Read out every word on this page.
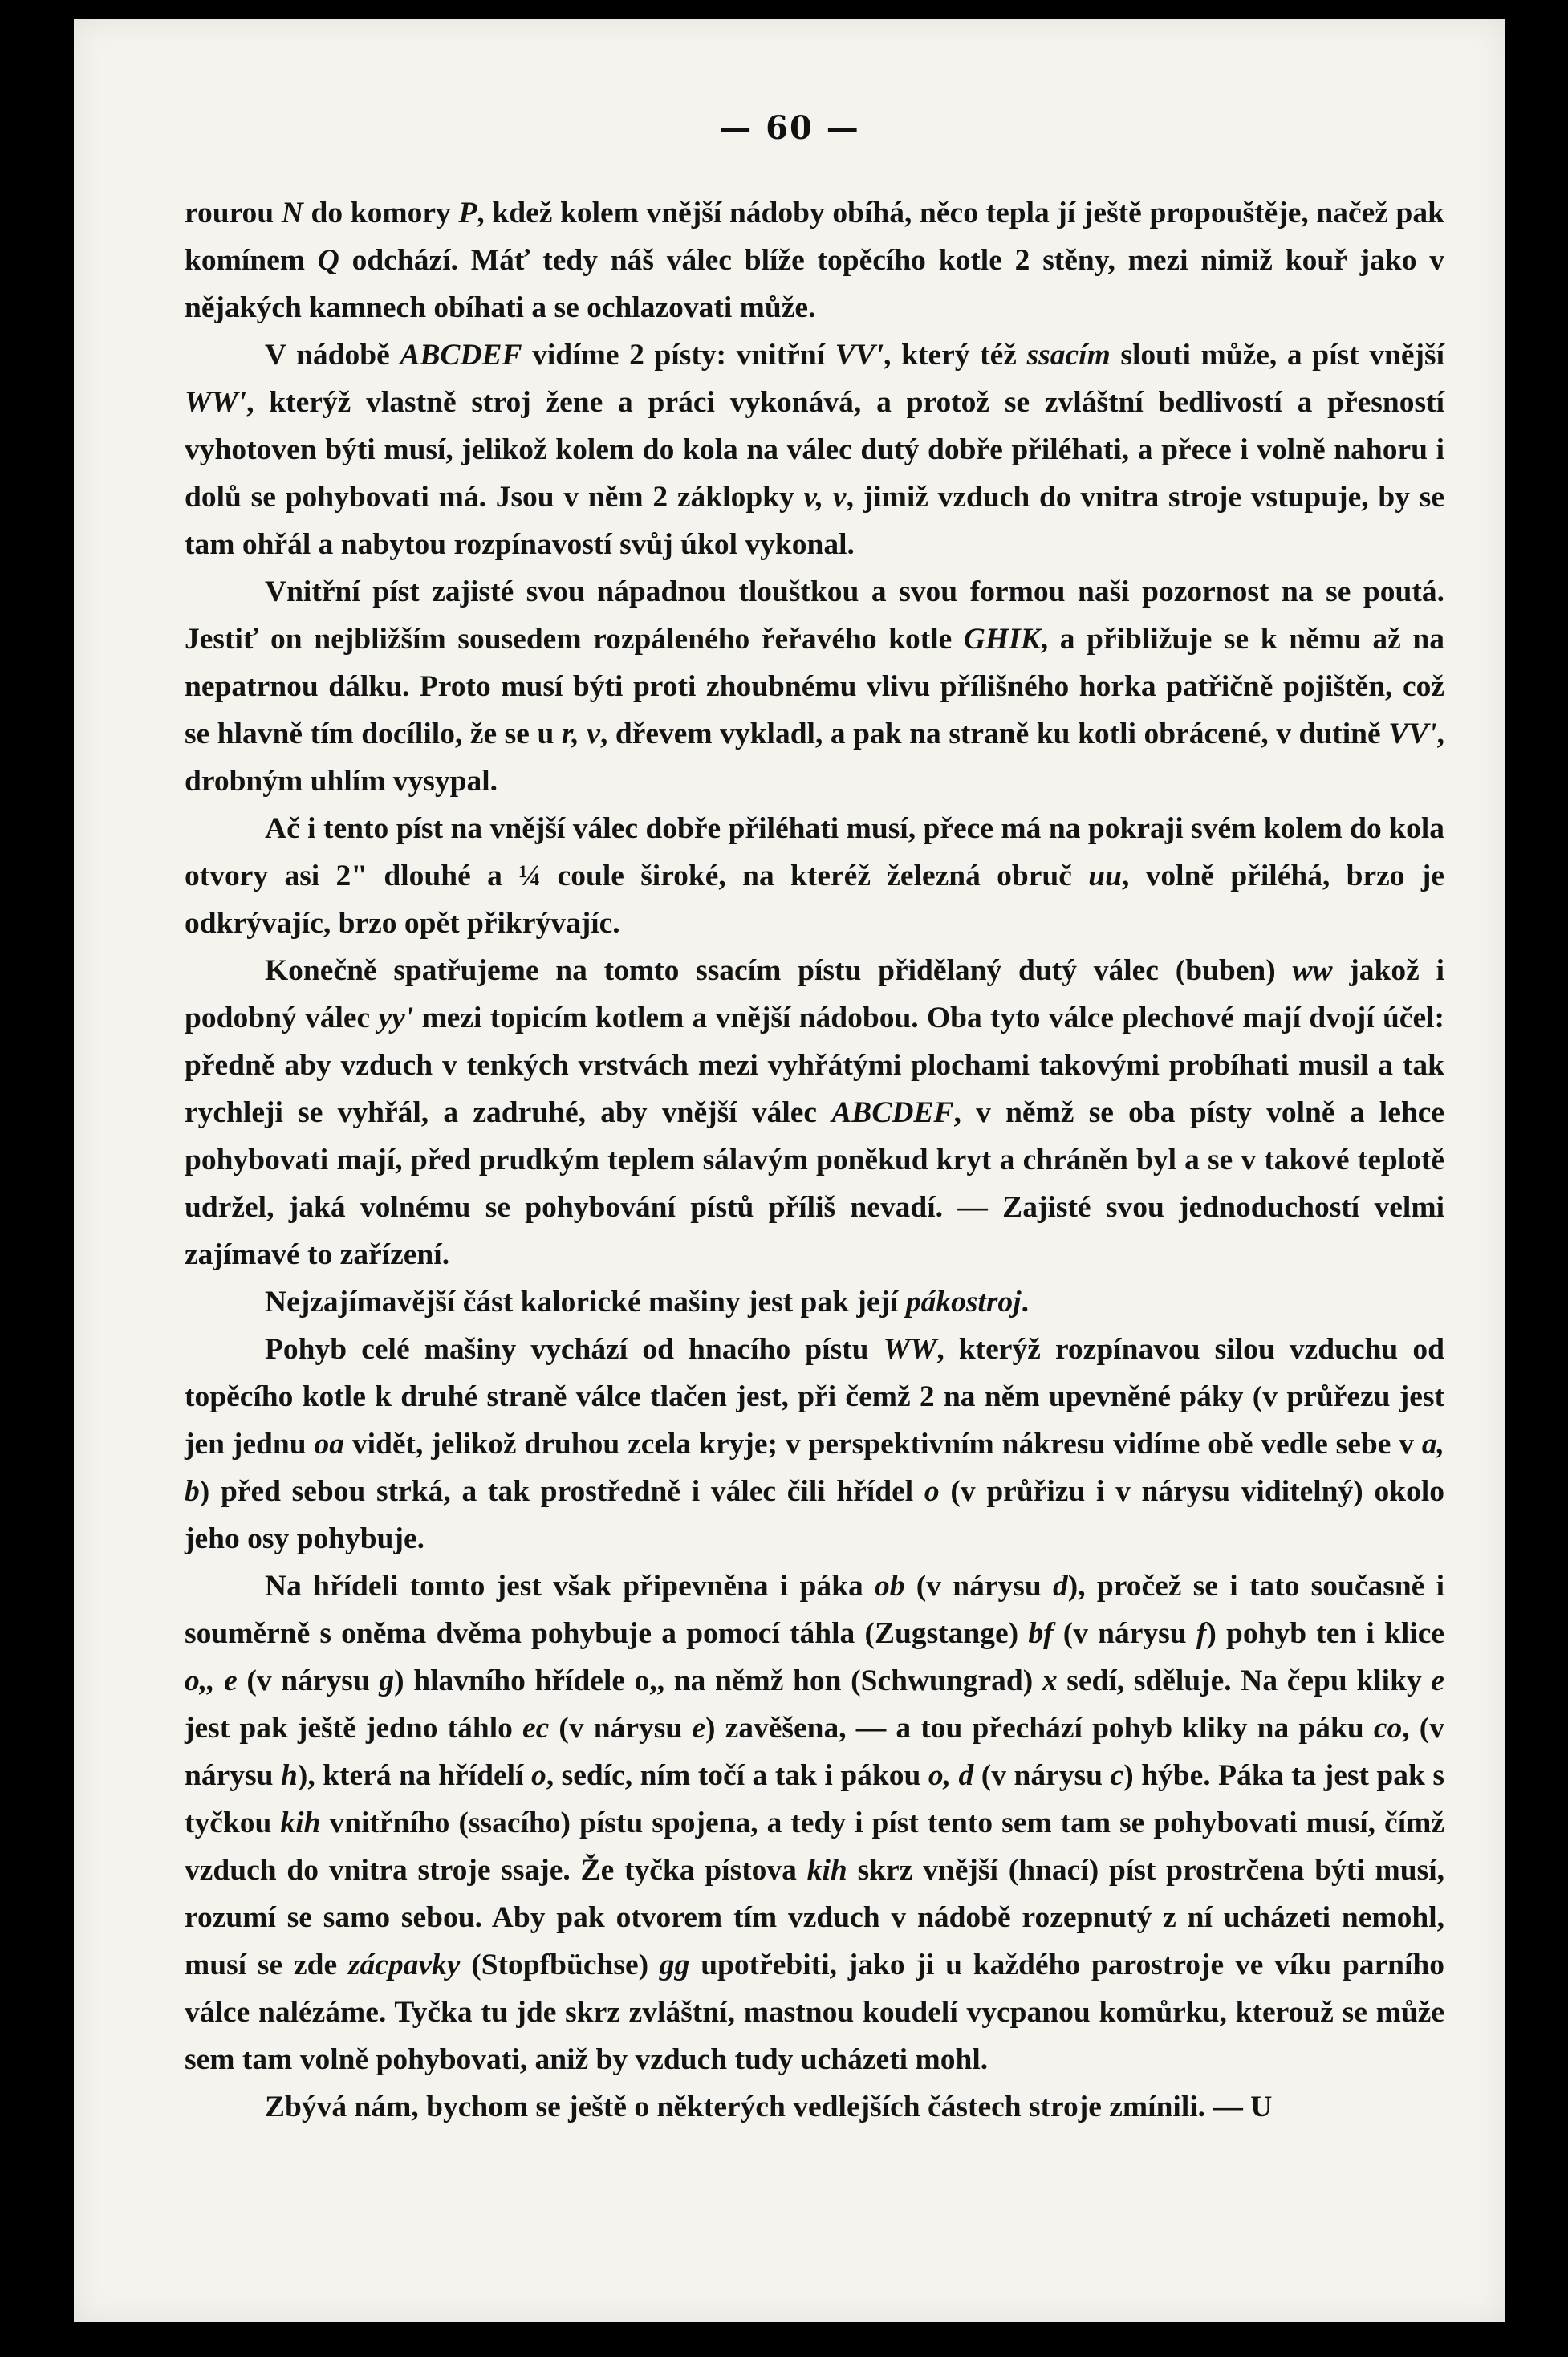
— 60 —

rourou N do komory P, kdež kolem vnější nádoby obíhá, něco tepla jí ještě propouštěje, načež pak komínem Q odchází. Máť tedy náš válec blíže topěcího kotle 2 stěny, mezi nimiž kouř jako v nějakých kamnech obíhati a se ochlazovati může.

V nádobě ABCDEF vidíme 2 písty: vnitřní VV', který též ssacím slouti může, a píst vnější WW', kterýž vlastně stroj žene a práci vykonává, a protož se zvláštní bedlivostí a přesností vyhotoven býti musí, jelikož kolem do kola na válec dutý dobře přiléhati, a přece i volně nahoru i dolů se pohybovati má. Jsou v něm 2 záklopky v, v, jimiž vzduch do vnitra stroje vstupuje, by se tam ohřál a nabytou rozpínavostí svůj úkol vykonal.

Vnitřní píst zajisté svou nápadnou tlouštkou a svou formou naši pozornost na se poutá. Jestiť on nejbližším sousedem rozpáleného řeřavého kotle GHIK, a přibližuje se k němu až na nepatrnou dálku. Proto musí býti proti zhoubnému vlivu přílišného horka patřičně pojištěn, což se hlavně tím docílilo, že se u r, v, dřevem vykladl, a pak na straně ku kotli obrácené, v dutině VV', drobným uhlím vysypal.

Ač i tento píst na vnější válec dobře přiléhati musí, přece má na pokraji svém kolem do kola otvory asi 2" dlouhé a ¼ coule široké, na kteréž železná obruč uu, volně přiléhá, brzo je odkrývajíc, brzo opět přikrývajíc.

Konečně spatřujeme na tomto ssacím pístu přidělaný dutý válec (buben) ww jakož i podobný válec yy' mezi topicím kotlem a vnější nádobou. Oba tyto válce plechové mají dvojí účel: předně aby vzduch v tenkých vrstvách mezi vyhřátými plochami takovými probíhati musil a tak rychleji se vyhřál, a zadruhé, aby vnější válec ABCDEF, v němž se oba písty volně a lehce pohybovati mají, před prudkým teplem sálavým poněkud kryt a chráněn byl a se v takové teplotě udržel, jaká volnému se pohybování pístů příliš nevadí. — Zajisté svou jednoduchostí velmi zajímavé to zařízení.

Nejzajímavější část kalorické mašiny jest pak její pákostroj.

Pohyb celé mašiny vychází od hnacího pístu WW, kterýž rozpínavou silou vzduchu od topěcího kotle k druhé straně válce tlačen jest, při čemž 2 na něm upevněné páky (v průřezu jest jen jednu oa vidět, jelikož druhou zcela kryje; v perspektivním nákresu vidíme obě vedle sebe v a, b) před sebou strká, a tak prostředně i válec čili hřídel o (v průřizu i v nárysu viditelný) okolo jeho osy pohybuje.

Na hřídeli tomto jest však připevněna i páka ob (v nárysu d), pročež se i tato současně i souměrně s oněma dvěma pohybuje a pomocí táhla (Zugstange) bf (v nárysu f) pohyb ten i klice o,, e (v nárysu g) hlavního hřídele o,, na němž hon (Schwungrad) x sedí, sděluje. Na čepu kliky e jest pak ještě jedno táhlo ec (v nárysu e) zavěšena, — a tou přechází pohyb kliky na páku co, (v nárysu h), která na hřídelí o, sedíc, ním točí a tak i pákou o, d (v nárysu c) hýbe. Páka ta jest pak s tyčkou kih vnitřního (ssacího) pístu spojena, a tedy i píst tento sem tam se pohybovati musí, čímž vzduch do vnitra stroje ssaje. Že tyčka pístova kih skrz vnější (hnací) píst prostrčena býti musí, rozumí se samo sebou. Aby pak otvorem tím vzduch v nádobě rozepnutý z ní ucházeti nemohl, musí se zde zácpavky (Stopfbüchse) gg upotřebiti, jako ji u každého parostroje ve víku parního válce nalézáme. Tyčka tu jde skrz zvláštní, mastnou koudelí vycpanou komůrku, kterouž se může sem tam volně pohybovati, aniž by vzduch tudy ucházeti mohl.

Zbývá nám, bychom se ještě o některých vedlejších částech stroje zmínili. — U
